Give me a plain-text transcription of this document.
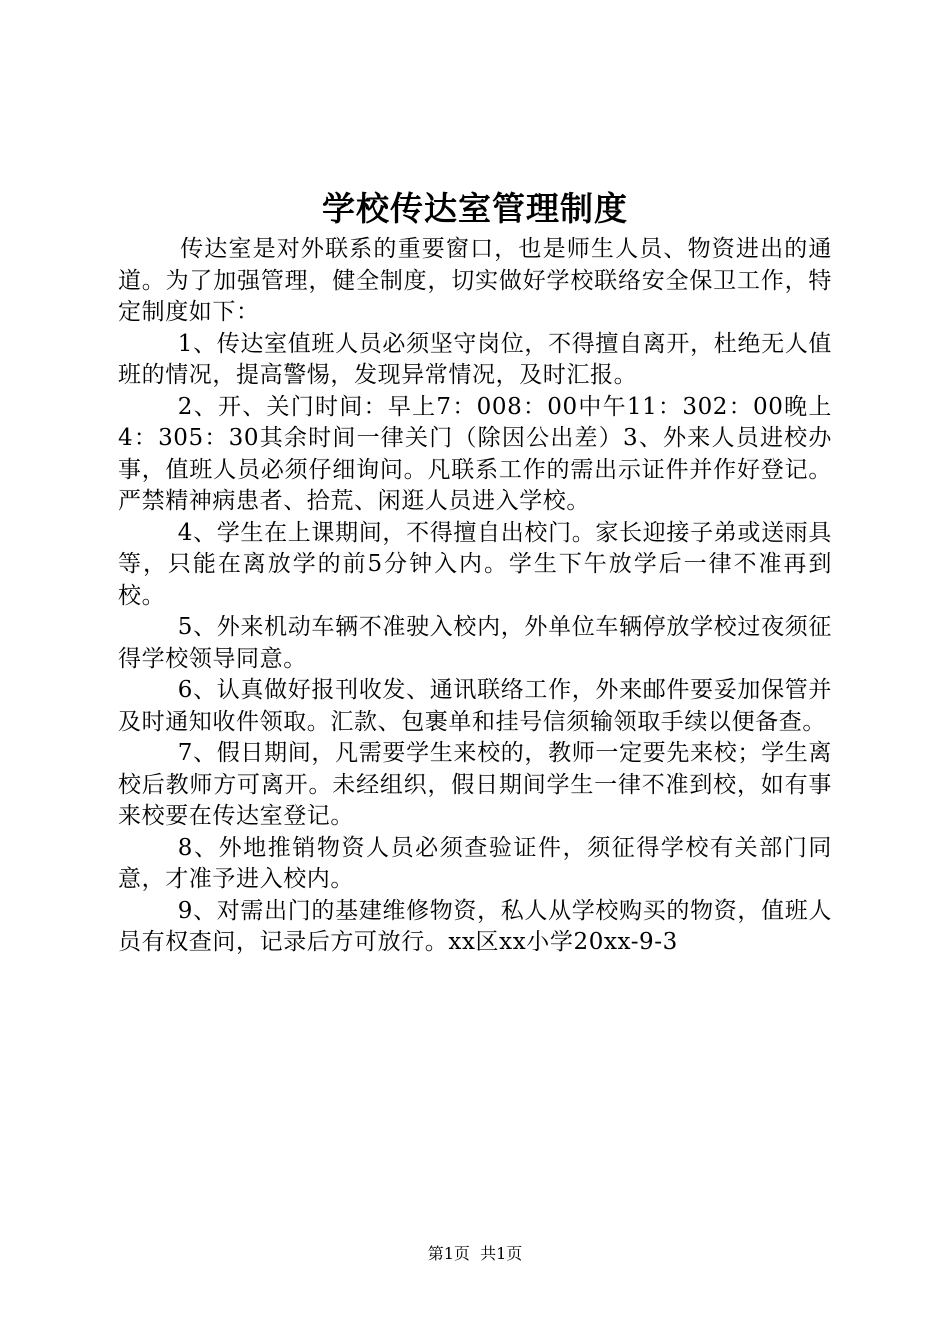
学校传达室管理制度

传达室是对外联系的重要窗口，也是师生人员、物资进出的通道。为了加强管理，健全制度，切实做好学校联络安全保卫工作，特定制度如下：

1、传达室值班人员必须坚守岗位，不得擅自离开，杜绝无人值班的情况，提高警惕，发现异常情况，及时汇报。

2、开、关门时间：早上7：008：00中午11：302：00晚上4：305：30其余时间一律关门（除因公出差）3、外来人员进校办事，值班人员必须仔细询问。凡联系工作的需出示证件并作好登记。严禁精神病患者、拾荒、闲逛人员进入学校。

4、学生在上课期间，不得擅自出校门。家长迎接子弟或送雨具等，只能在离放学的前5分钟入内。学生下午放学后一律不准再到校。

5、外来机动车辆不准驶入校内，外单位车辆停放学校过夜须征得学校领导同意。

6、认真做好报刊收发、通讯联络工作，外来邮件要妥加保管并及时通知收件领取。汇款、包裹单和挂号信须输领取手续以便备查。

7、假日期间，凡需要学生来校的，教师一定要先来校；学生离校后教师方可离开。未经组织，假日期间学生一律不准到校，如有事来校要在传达室登记。

8、外地推销物资人员必须查验证件，须征得学校有关部门同意，才准予进入校内。

9、对需出门的基建维修物资，私人从学校购买的物资，值班人员有权查问，记录后方可放行。xx区xx小学20xx-9-3

第1页  共1页
